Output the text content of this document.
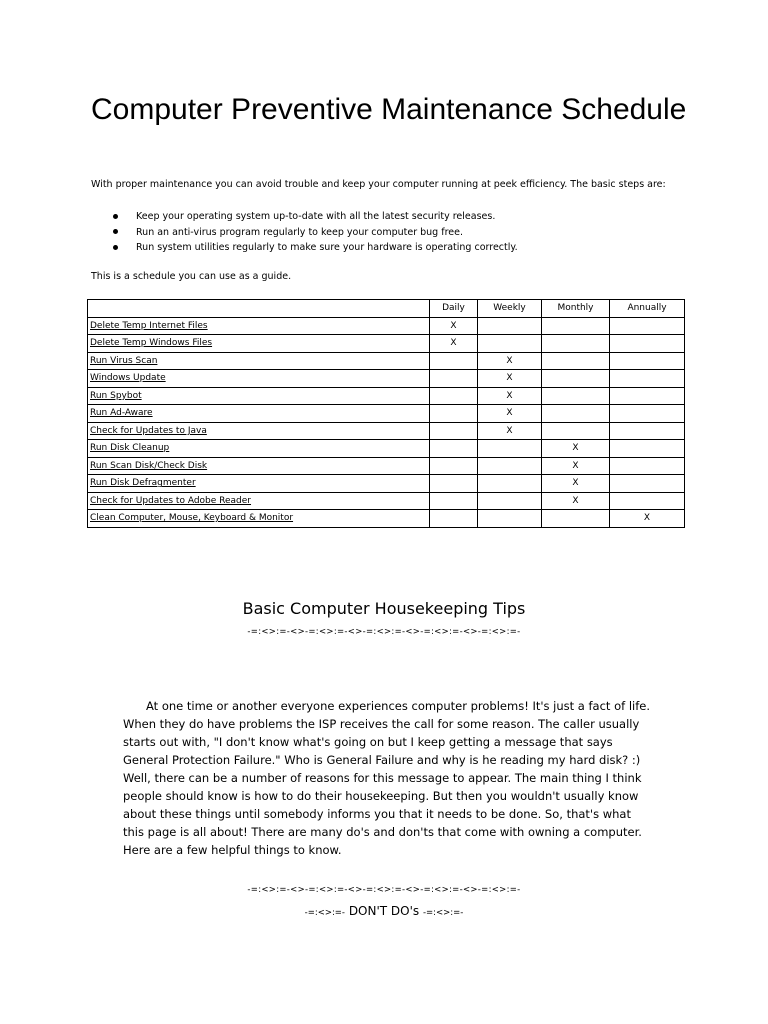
Computer Preventive Maintenance Schedule

With proper maintenance you can avoid trouble and keep your computer running at peek efficiency. The basic steps are:

Keep your operating system up-to-date with all the latest security releases.
Run an anti-virus program regularly to keep your computer bug free.
Run system utilities regularly to make sure your hardware is operating correctly.

This is a schedule you can use as a guide.

	Daily	Weekly	Monthly	Annually
Delete Temp Internet Files	X			
Delete Temp Windows Files	X			
Run Virus Scan		X		
Windows Update		X		
Run Spybot		X		
Run Ad-Aware		X		
Check for Updates to Java		X		
Run Disk Cleanup			X	
Run Scan Disk/Check Disk			X	
Run Disk Defragmenter			X	
Check for Updates to Adobe Reader			X	
Clean Computer, Mouse, Keyboard & Monitor				X
Basic Computer Housekeeping Tips
-=:<>:=-<>-=:<>:=-<>-=:<>:=-<>-=:<>:=-<>-=:<>:=-

At one time or another everyone experiences computer problems! It's just a fact of life. When they do have problems the ISP receives the call for some reason. The caller usually starts out with, "I don't know what's going on but I keep getting a message that says General Protection Failure." Who is General Failure and why is he reading my hard disk? :) Well, there can be a number of reasons for this message to appear. The main thing I think people should know is how to do their housekeeping. But then you wouldn't usually know about these things until somebody informs you that it needs to be done. So, that's what this page is all about! There are many do's and don'ts that come with owning a computer. Here are a few helpful things to know.

-=:<>:=-<>-=:<>:=-<>-=:<>:=-<>-=:<>:=-<>-=:<>:=-
-=:<>:=- DON'T DO's -=:<>:=-
